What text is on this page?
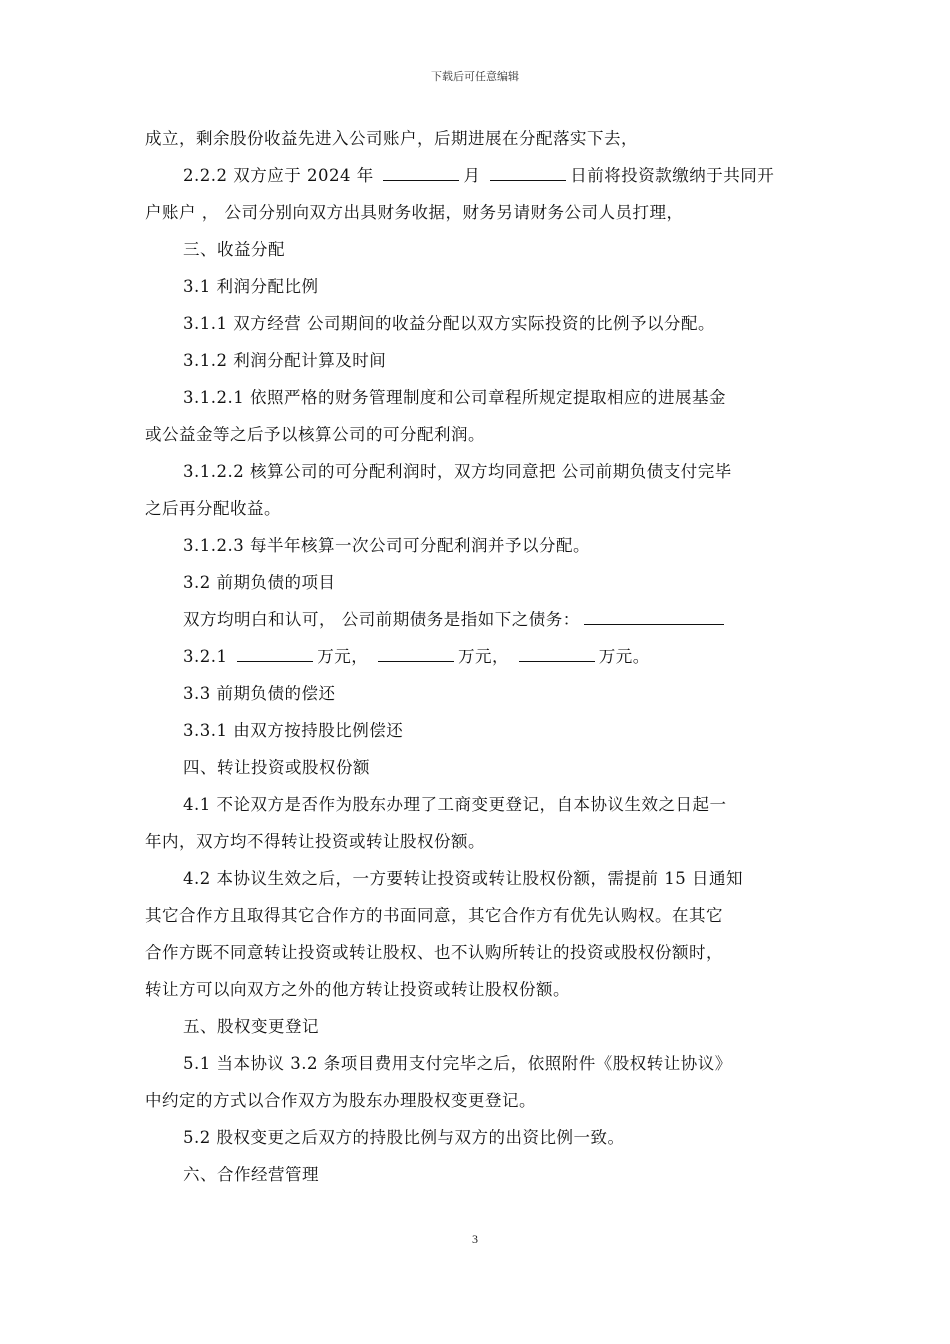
下载后可任意编辑
成立，剩余股份收益先进入公司账户，后期进展在分配落实下去，
2.2.2 双方应于 2024 年	月	日前将投资款缴纳于共同开
户账户 ， 公司分别向双方出具财务收据，财务另请财务公司人员打理，
三、收益分配
3.1 利润分配比例
3.1.1 双方经营 公司期间的收益分配以双方实际投资的比例予以分配。
3.1.2 利润分配计算及时间
3.1.2.1 依照严格的财务管理制度和公司章程所规定提取相应的进展基金
或公益金等之后予以核算公司的可分配利润。
3.1.2.2 核算公司的可分配利润时，双方均同意把 公司前期负债支付完毕
之后再分配收益。
3.1.2.3 每半年核算一次公司可分配利润并予以分配。
3.2 前期负债的项目
双方均明白和认可， 公司前期债务是指如下之债务：
3.2.1	万元，	万元，	万元。
3.3 前期负债的偿还
3.3.1 由双方按持股比例偿还
四、转让投资或股权份额
4.1 不论双方是否作为股东办理了工商变更登记，自本协议生效之日起一
年内，双方均不得转让投资或转让股权份额。
4.2 本协议生效之后，一方要转让投资或转让股权份额，需提前 15 日通知
其它合作方且取得其它合作方的书面同意，其它合作方有优先认购权。在其它
合作方既不同意转让投资或转让股权、也不认购所转让的投资或股权份额时，
转让方可以向双方之外的他方转让投资或转让股权份额。
五、股权变更登记
5.1 当本协议 3.2 条项目费用支付完毕之后，依照附件《股权转让协议》
中约定的方式以合作双方为股东办理股权变更登记。
5.2 股权变更之后双方的持股比例与双方的出资比例一致。
六、合作经营管理
3
